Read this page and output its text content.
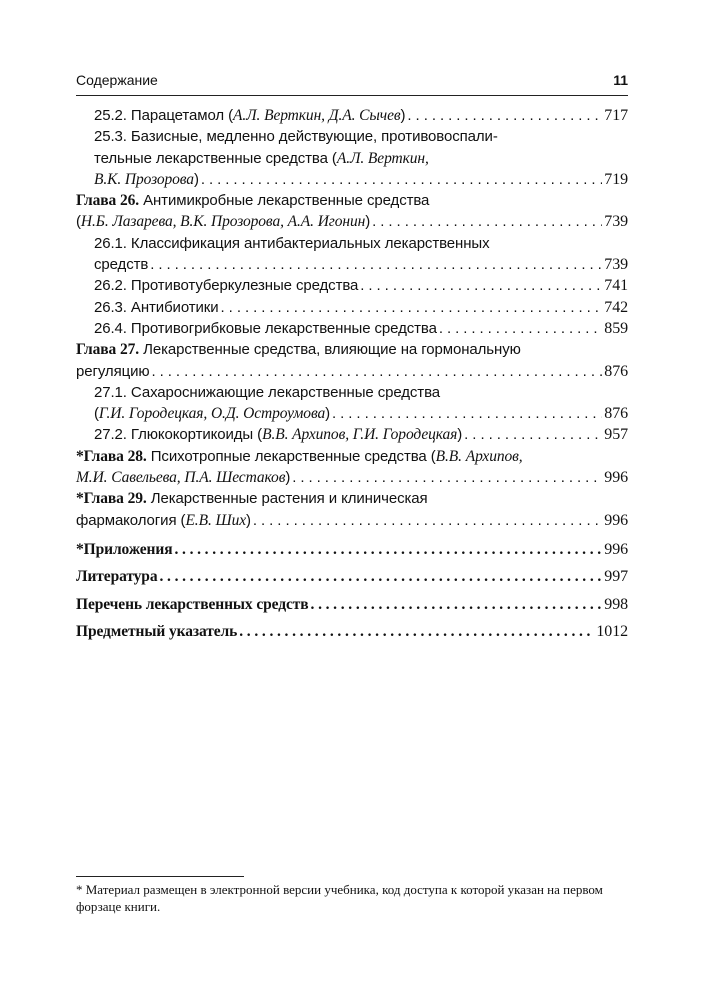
Содержание	11
25.2. Парацетамол (А.Л. Верткин, Д.А. Сычев) . . .	717
25.3. Базисные, медленно действующие, противовоспали-
тельные лекарственные средства (А.Л. Верткин,
В.К. Прозорова) . . .	719
Глава 26. Антимикробные лекарственные средства
(Н.Б. Лазарева, В.К. Прозорова, А.А. Игонин) . . .	739
26.1. Классификация антибактериальных лекарственных
средств . . .	739
26.2. Противотуберкулезные средства . . .	741
26.3. Антибиотики . . .	742
26.4. Противогрибковые лекарственные средства . . .	859
Глава 27. Лекарственные средства, влияющие на гормональную
регуляцию . . .	876
27.1. Сахароснижающие лекарственные средства
(Г.И. Городецкая, О.Д. Остроумова) . . .	876
27.2. Глюкокортикоиды (В.В. Архипов, Г.И. Городецкая) . . .	957
*Глава 28. Психотропные лекарственные средства (В.В. Архипов,
М.И. Савельева, П.А. Шестаков) . . .	996
*Глава 29. Лекарственные растения и клиническая
фармакология (Е.В. Ших) . . .	996
*Приложения . . .	996
Литература . . .	997
Перечень лекарственных средств . . .	998
Предметный указатель . . .	1012
* Материал размещен в электронной версии учебника, код доступа к которой указан на первом форзаце книги.
